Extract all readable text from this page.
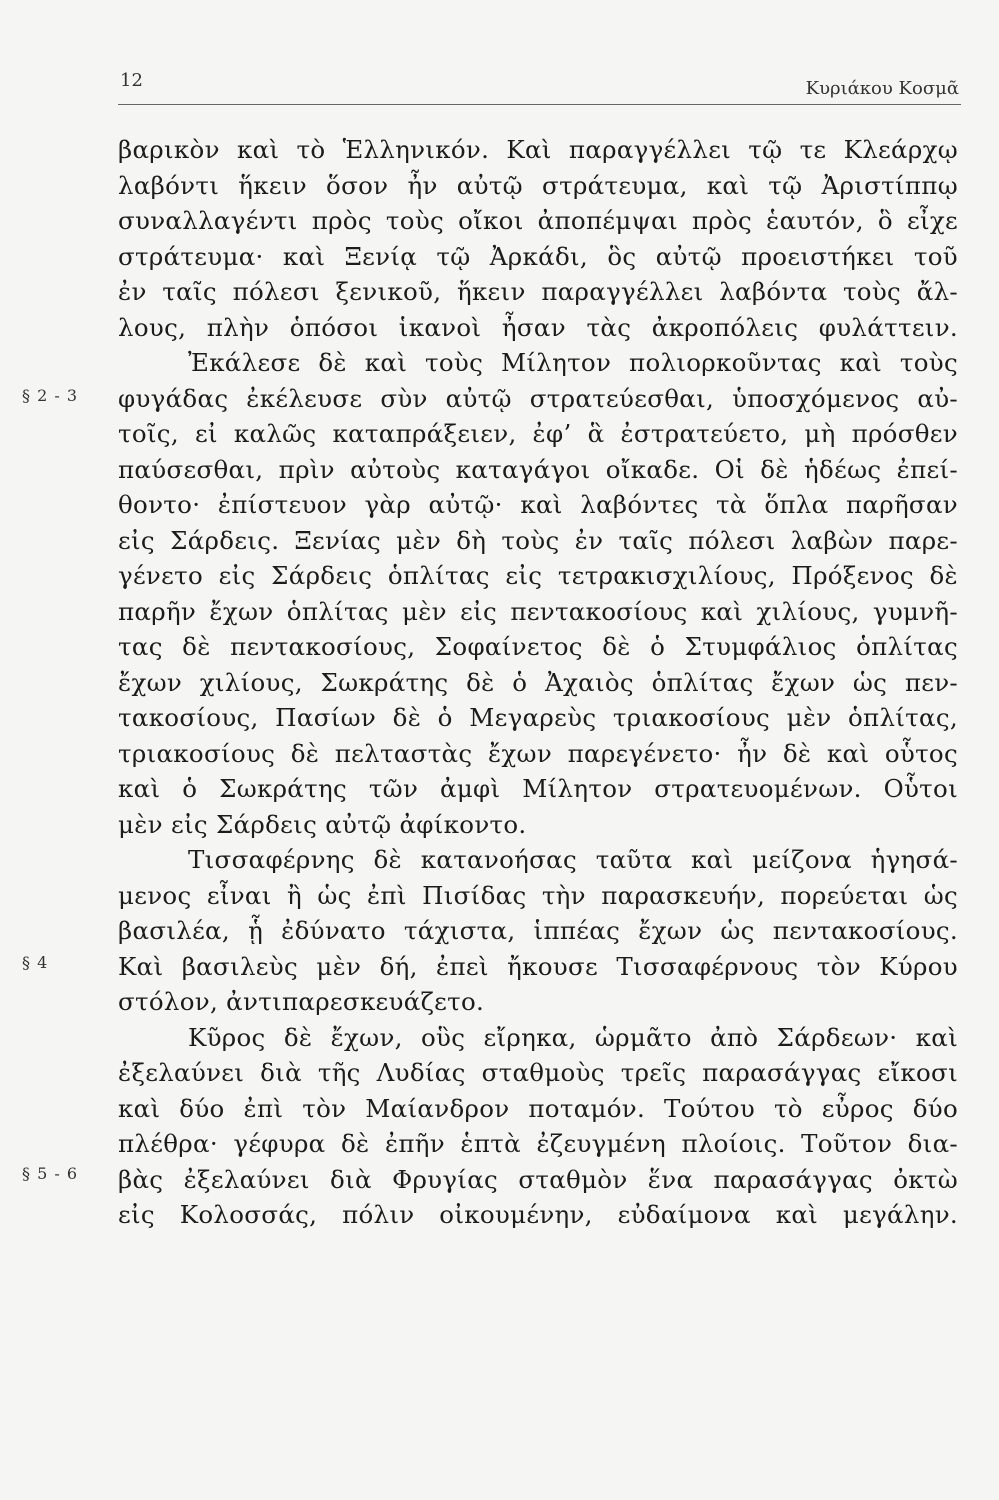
12	Κυριάκου Κοσμᾶ
§ 2 - 3
§ 4
§ 5 - 6
βαρικὸν καὶ τὸ Ἑλληνικόν. Καὶ παραγγέλλει τῷ τε Κλεάρχῳ
λαβόντι ἥκειν ὅσον ἦν αὐτῷ στράτευμα, καὶ τῷ Ἀριστίππῳ
συναλλαγέντι πρὸς τοὺς οἴκοι ἀποπέμψαι πρὸς ἑαυτόν, ὃ εἶχε
στράτευμα· καὶ Ξενίᾳ τῷ Ἀρκάδι, ὃς αὐτῷ προειστήκει τοῦ
ἐν ταῖς πόλεσι ξενικοῦ, ἥκειν παραγγέλλει λαβόντα τοὺς ἄλ-
λους, πλὴν ὁπόσοι ἱκανοὶ ἦσαν τὰς ἀκροπόλεις φυλάττειν.
Ἐκάλεσε δὲ καὶ τοὺς Μίλητον πολιορκοῦντας καὶ τοὺς
φυγάδας ἐκέλευσε σὺν αὐτῷ στρατεύεσθαι, ὑποσχόμενος αὐ-
τοῖς, εἰ καλῶς καταπράξειεν, ἐφ’ ἃ ἐστρατεύετο, μὴ πρόσθεν
παύσεσθαι, πρὶν αὐτοὺς καταγάγοι οἴκαδε. Οἱ δὲ ἡδέως ἐπεί-
θοντο· ἐπίστευον γὰρ αὐτῷ· καὶ λαβόντες τὰ ὅπλα παρῆσαν
εἰς Σάρδεις. Ξενίας μὲν δὴ τοὺς ἐν ταῖς πόλεσι λαβὼν παρε-
γένετο εἰς Σάρδεις ὁπλίτας εἰς τετρακισχιλίους, Πρόξενος δὲ
παρῆν ἔχων ὁπλίτας μὲν εἰς πεντακοσίους καὶ χιλίους, γυμνῆ-
τας δὲ πεντακοσίους, Σοφαίνετος δὲ ὁ Στυμφάλιος ὁπλίτας
ἔχων χιλίους, Σωκράτης δὲ ὁ Ἀχαιὸς ὁπλίτας ἔχων ὡς πεν-
τακοσίους, Πασίων δὲ ὁ Μεγαρεὺς τριακοσίους μὲν ὁπλίτας,
τριακοσίους δὲ πελταστὰς ἔχων παρεγένετο· ἦν δὲ καὶ οὗτος
καὶ ὁ Σωκράτης τῶν ἀμφὶ Μίλητον στρατευομένων. Οὗτοι
μὲν εἰς Σάρδεις αὐτῷ ἀφίκοντο.
Τισσαφέρνης δὲ κατανοήσας ταῦτα καὶ μείζονα ἡγησά-
μενος εἶναι ἢ ὡς ἐπὶ Πισίδας τὴν παρασκευήν, πορεύεται ὡς
βασιλέα, ᾗ ἐδύνατο τάχιστα, ἱππέας ἔχων ὡς πεντακοσίους.
Καὶ βασιλεὺς μὲν δή, ἐπεὶ ἤκουσε Τισσαφέρνους τὸν Κύρου
στόλον, ἀντιπαρεσκευάζετο.
Κῦρος δὲ ἔχων, οὓς εἴρηκα, ὡρμᾶτο ἀπὸ Σάρδεων· καὶ
ἐξελαύνει διὰ τῆς Λυδίας σταθμοὺς τρεῖς παρασάγγας εἴκοσι
καὶ δύο ἐπὶ τὸν Μαίανδρον ποταμόν. Τούτου τὸ εὖρος δύο
πλέθρα· γέφυρα δὲ ἐπῆν ἑπτὰ ἐζευγμένη πλοίοις. Τοῦτον δια-
βὰς ἐξελαύνει διὰ Φρυγίας σταθμὸν ἕνα παρασάγγας ὀκτὼ
εἰς Κολοσσάς, πόλιν οἰκουμένην, εὐδαίμονα καὶ μεγάλην.
